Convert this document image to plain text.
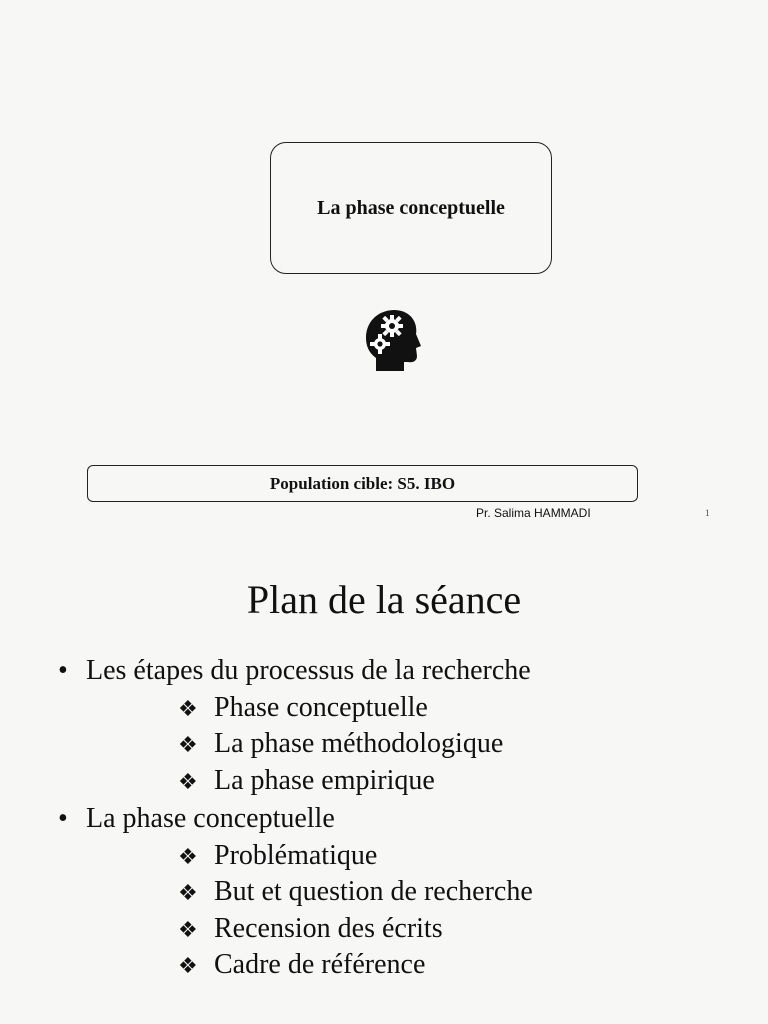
La phase conceptuelle
Population cible: S5. IBO
Pr. Salima HAMMADI	1
Plan de la séance
• Les étapes du processus de la recherche
❖ Phase conceptuelle
❖ La phase méthodologique
❖ La phase empirique
• La phase conceptuelle
❖ Problématique
❖ But et question de recherche
❖ Recension des écrits
❖ Cadre de référence
